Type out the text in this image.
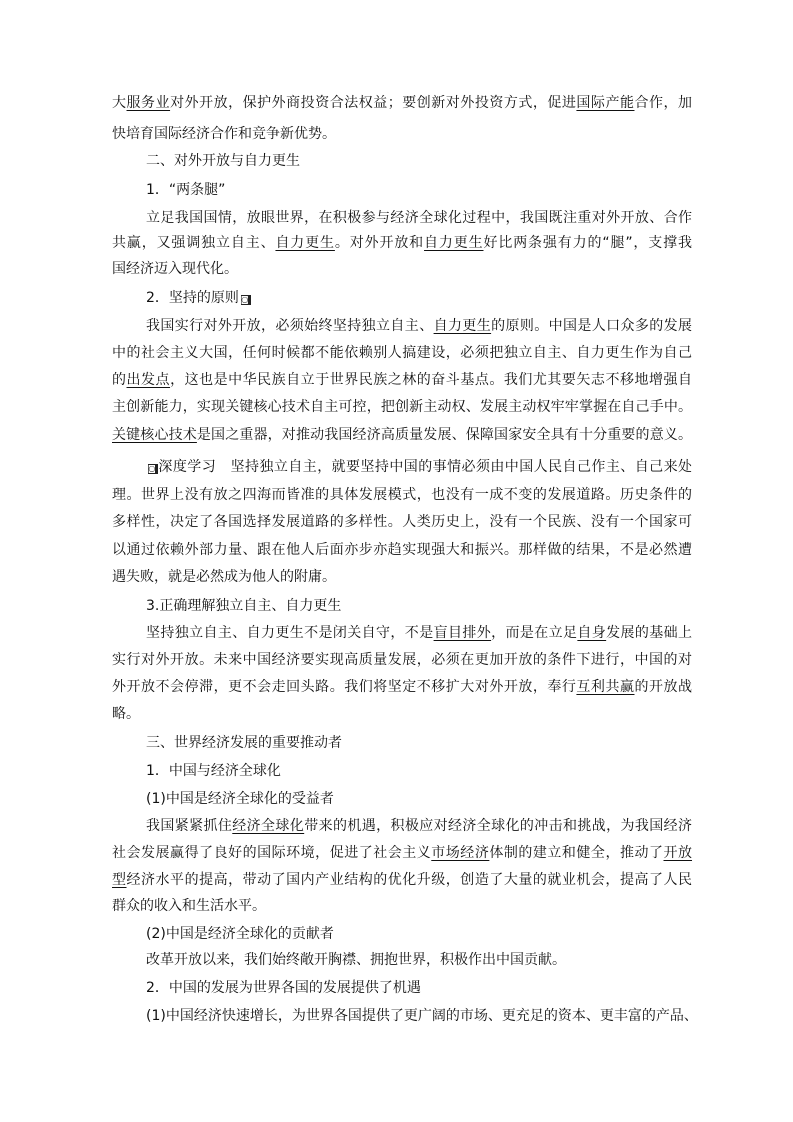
大服务业对外开放，保护外商投资合法权益；要创新对外投资方式，促进国际产能合作，加
快培育国际经济合作和竞争新优势。
二、对外开放与自力更生
1．“两条腿”
立足我国国情，放眼世界，在积极参与经济全球化过程中，我国既注重对外开放、合作
共赢，又强调独立自主、自力更生。对外开放和自力更生好比两条强有力的“腿”，支撑我
国经济迈入现代化。
2．坚持的原则 ◙
我国实行对外开放，必须始终坚持独立自主、自力更生的原则。中国是人口众多的发展
中的社会主义大国，任何时候都不能依赖别人搞建设，必须把独立自主、自力更生作为自己
的出发点，这也是中华民族自立于世界民族之林的奋斗基点。我们尤其要矢志不移地增强自
主创新能力，实现关键核心技术自主可控，把创新主动权、发展主动权牢牢掌握在自己手中。
关键核心技术是国之重器，对推动我国经济高质量发展、保障国家安全具有十分重要的意义。
◙ 深度学习　坚持独立自主，就要坚持中国的事情必须由中国人民自己作主、自己来处
理。世界上没有放之四海而皆准的具体发展模式，也没有一成不变的发展道路。历史条件的
多样性，决定了各国选择发展道路的多样性。人类历史上，没有一个民族、没有一个国家可
以通过依赖外部力量、跟在他人后面亦步亦趋实现强大和振兴。那样做的结果，不是必然遭
遇失败，就是必然成为他人的附庸。
3.正确理解独立自主、自力更生
坚持独立自主、自力更生不是闭关自守，不是盲目排外，而是在立足自身发展的基础上
实行对外开放。未来中国经济要实现高质量发展，必须在更加开放的条件下进行，中国的对
外开放不会停滞，更不会走回头路。我们将坚定不移扩大对外开放，奉行互利共赢的开放战
略。
三、世界经济发展的重要推动者
1．中国与经济全球化
(1)中国是经济全球化的受益者
我国紧紧抓住经济全球化带来的机遇，积极应对经济全球化的冲击和挑战，为我国经济
社会发展赢得了良好的国际环境，促进了社会主义市场经济体制的建立和健全，推动了开放
型经济水平的提高，带动了国内产业结构的优化升级，创造了大量的就业机会，提高了人民
群众的收入和生活水平。
(2)中国是经济全球化的贡献者
改革开放以来，我们始终敞开胸襟、拥抱世界，积极作出中国贡献。
2．中国的发展为世界各国的发展提供了机遇
(1)中国经济快速增长，为世界各国提供了更广阔的市场、更充足的资本、更丰富的产品、
